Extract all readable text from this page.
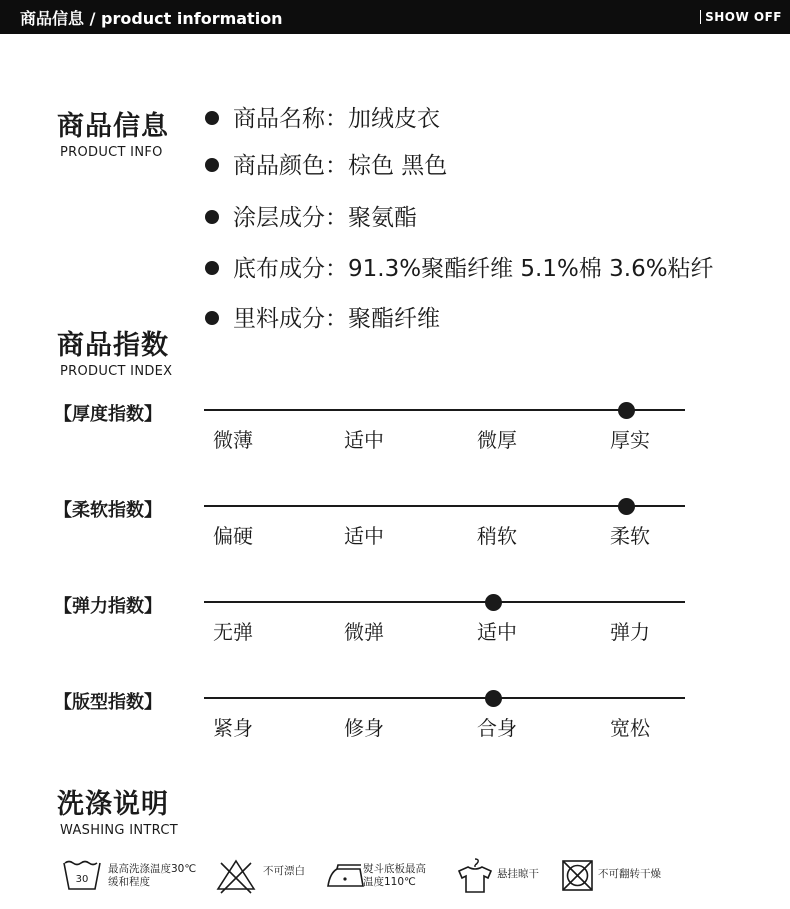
商品信息 / product information	SHOW OFF
商品信息
PRODUCT INFO
商品名称：加绒皮衣
商品颜色：棕色 黑色
涂层成分：聚氨酯
底布成分：91.3%聚酯纤维 5.1%棉 3.6%粘纤
里料成分：聚酯纤维
商品指数
PRODUCT INDEX
【厚度指数】
微薄	适中	微厚	厚实
【柔软指数】
偏硬	适中	稍软	柔软
【弹力指数】
无弹	微弹	适中	弹力
【版型指数】
紧身	修身	合身	宽松
洗涤说明
WASHING INTRCT
30
最高洗涤温度30℃
缓和程度
不可漂白	熨斗底板最高
温度110℃
悬挂晾干	不可翻转干燥
